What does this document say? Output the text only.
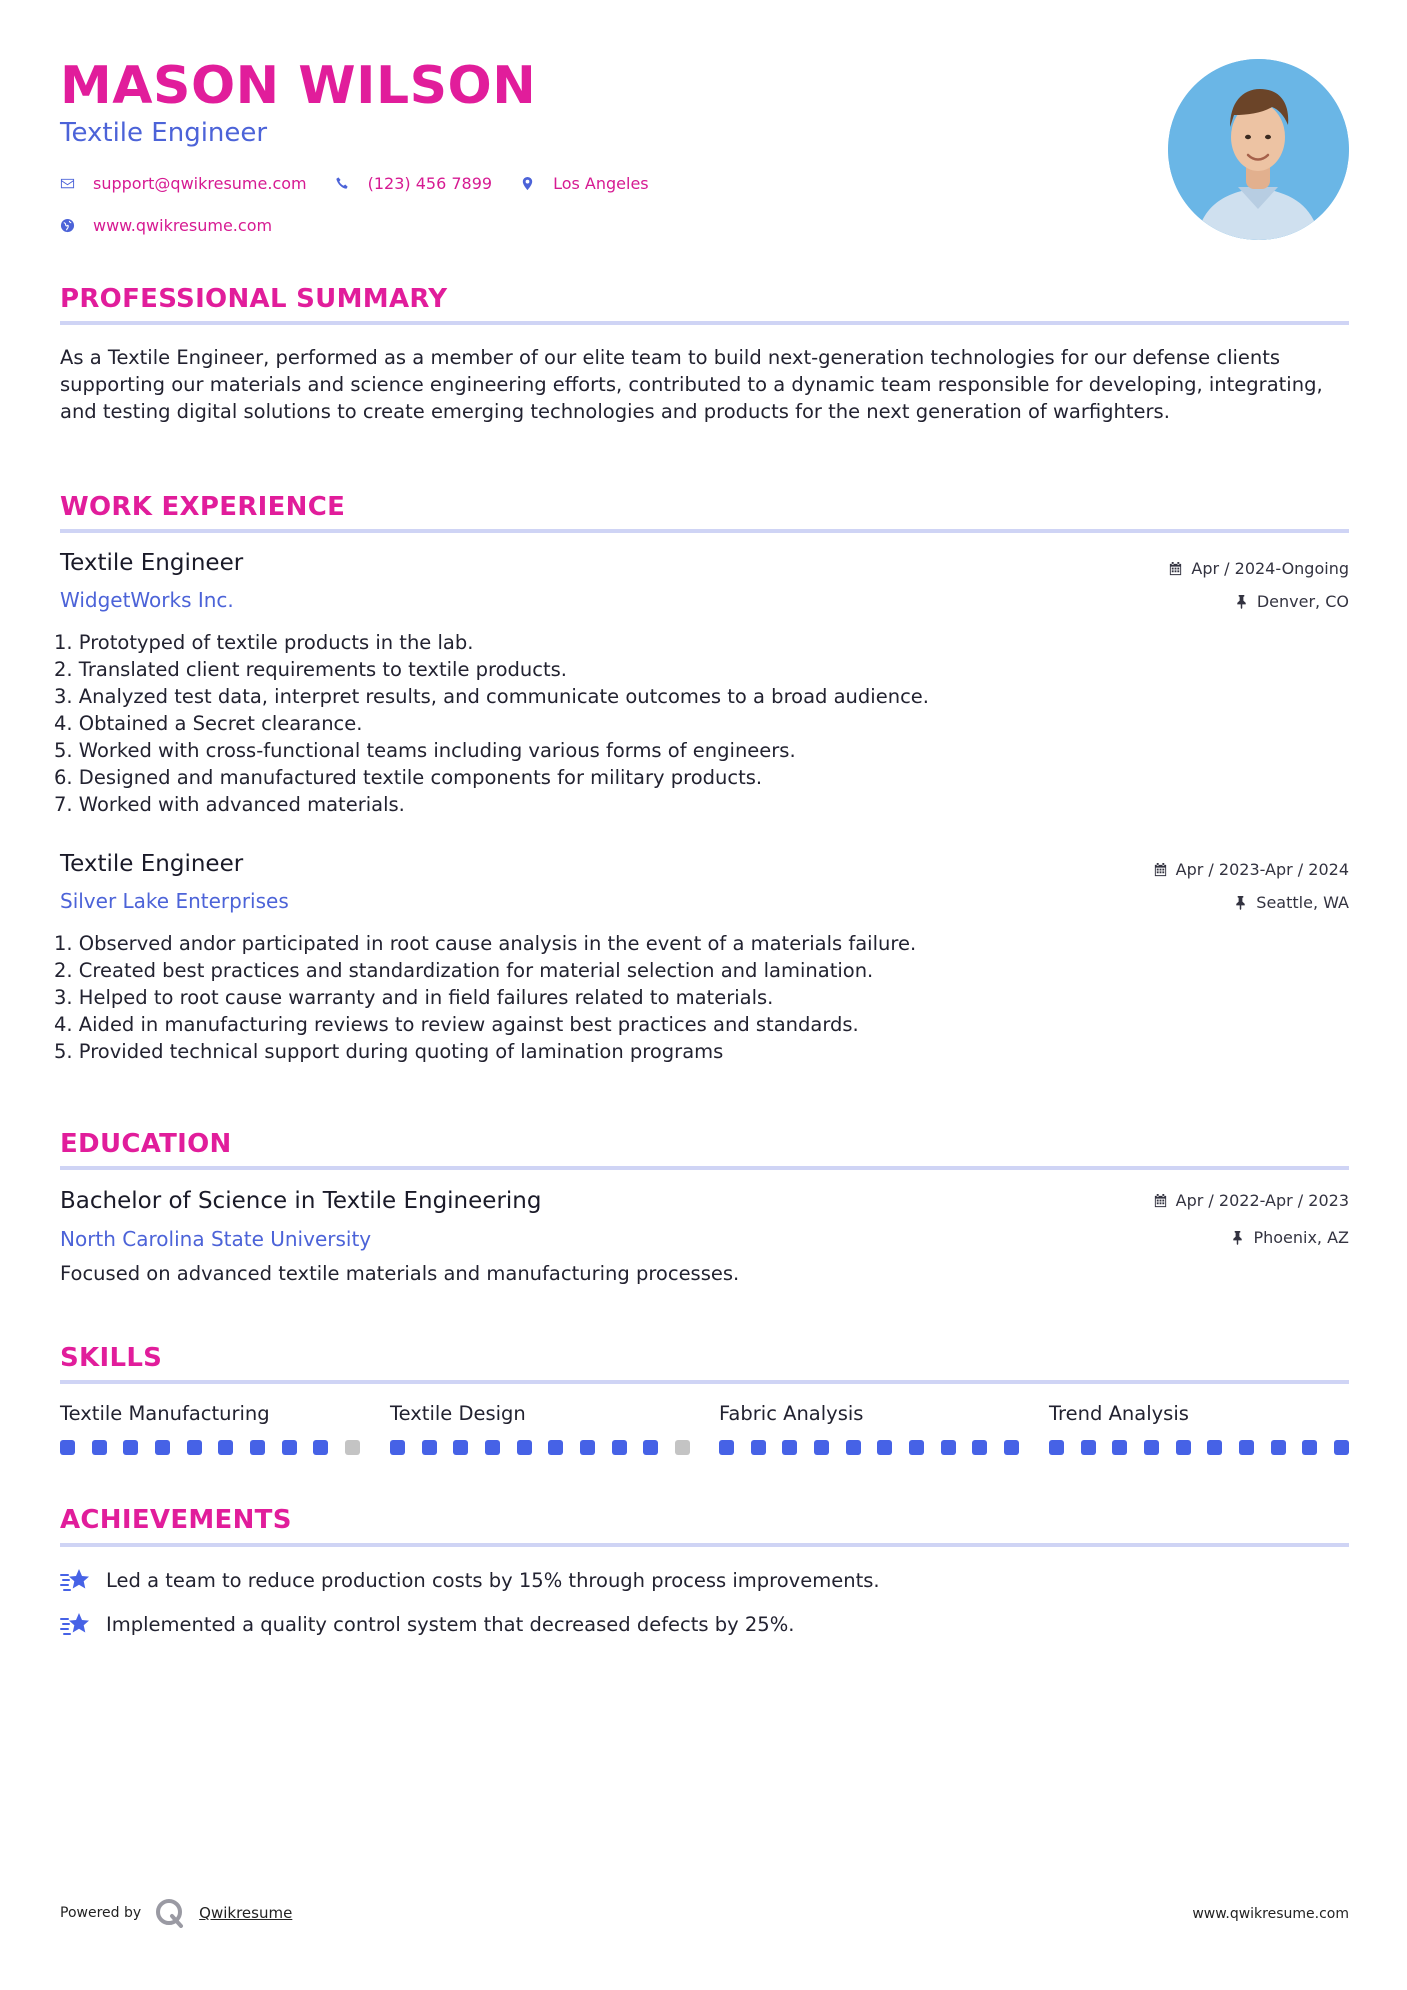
MASON WILSON
Textile Engineer
support@qwikresume.com	(123) 456 7899	Los Angeles
www.qwikresume.com
PROFESSIONAL SUMMARY
As a Textile Engineer, performed as a member of our elite team to build next-generation technologies for our defense clients supporting our materials and science engineering efforts, contributed to a dynamic team responsible for developing, integrating, and testing digital solutions to create emerging technologies and products for the next generation of warfighters.
WORK EXPERIENCE
Textile Engineer
WidgetWorks Inc.
Apr / 2024-Ongoing
Denver, CO
1. Prototyped of textile products in the lab.
2. Translated client requirements to textile products.
3. Analyzed test data, interpret results, and communicate outcomes to a broad audience.
4. Obtained a Secret clearance.
5. Worked with cross-functional teams including various forms of engineers.
6. Designed and manufactured textile components for military products.
7. Worked with advanced materials.
Textile Engineer
Silver Lake Enterprises
Apr / 2023-Apr / 2024
Seattle, WA
1. Observed andor participated in root cause analysis in the event of a materials failure.
2. Created best practices and standardization for material selection and lamination.
3. Helped to root cause warranty and in field failures related to materials.
4. Aided in manufacturing reviews to review against best practices and standards.
5. Provided technical support during quoting of lamination programs
EDUCATION
Bachelor of Science in Textile Engineering
North Carolina State University
Apr / 2022-Apr / 2023
Phoenix, AZ
Focused on advanced textile materials and manufacturing processes.
SKILLS
Textile Manufacturing	Textile Design	Fabric Analysis	Trend Analysis
ACHIEVEMENTS
Led a team to reduce production costs by 15% through process improvements.
Implemented a quality control system that decreased defects by 25%.
Powered by	Qwikresume	www.qwikresume.com
